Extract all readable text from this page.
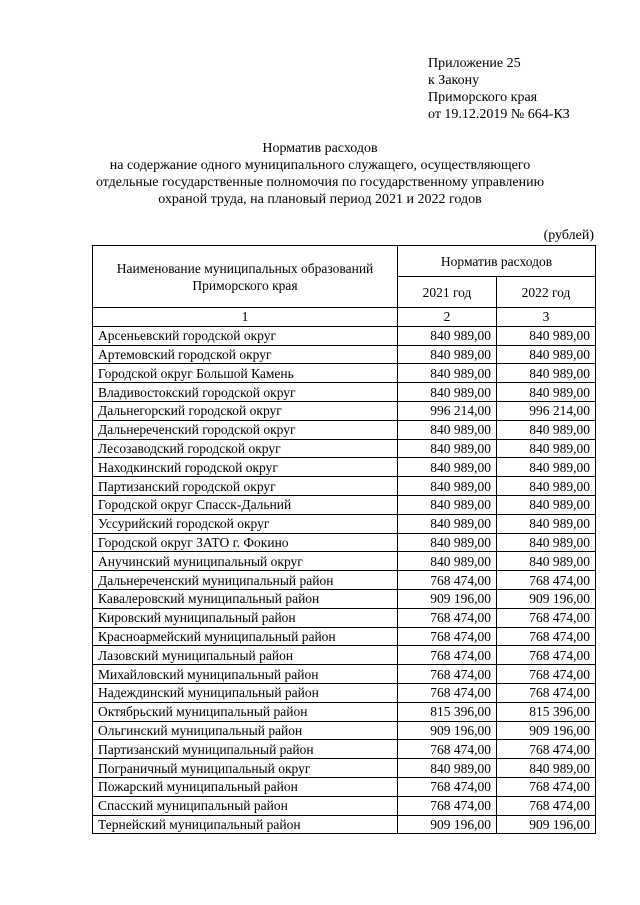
Приложение 25
к Закону
Приморского края
от 19.12.2019 № 664-КЗ
Норматив расходов
на содержание одного муниципального служащего, осуществляющего
отдельные государственные полномочия по государственному управлению
охраной труда, на плановый период 2021 и 2022 годов
(рублей)
Наименование муниципальных образований Приморского края	Норматив расходов	
	2021 год	2022 год
1	2	3
Арсеньевский городской округ	840 989,00	840 989,00
Артемовский городской округ	840 989,00	840 989,00
Городской округ Большой Камень	840 989,00	840 989,00
Владивостокский городской округ	840 989,00	840 989,00
Дальнегорский городской округ	996 214,00	996 214,00
Дальнереченский городской округ	840 989,00	840 989,00
Лесозаводский городской округ	840 989,00	840 989,00
Находкинский городской округ	840 989,00	840 989,00
Партизанский городской округ	840 989,00	840 989,00
Городской округ Спасск-Дальний	840 989,00	840 989,00
Уссурийский городской округ	840 989,00	840 989,00
Городской округ ЗАТО г. Фокино	840 989,00	840 989,00
Анучинский муниципальный округ	840 989,00	840 989,00
Дальнереченский муниципальный район	768 474,00	768 474,00
Кавалеровский муниципальный район	909 196,00	909 196,00
Кировский муниципальный район	768 474,00	768 474,00
Красноармейский муниципальный район	768 474,00	768 474,00
Лазовский муниципальный район	768 474,00	768 474,00
Михайловский муниципальный район	768 474,00	768 474,00
Надеждинский муниципальный район	768 474,00	768 474,00
Октябрьский муниципальный район	815 396,00	815 396,00
Ольгинский муниципальный район	909 196,00	909 196,00
Партизанский муниципальный район	768 474,00	768 474,00
Пограничный муниципальный округ	840 989,00	840 989,00
Пожарский муниципальный район	768 474,00	768 474,00
Спасский муниципальный район	768 474,00	768 474,00
Тернейский муниципальный район	909 196,00	909 196,00
